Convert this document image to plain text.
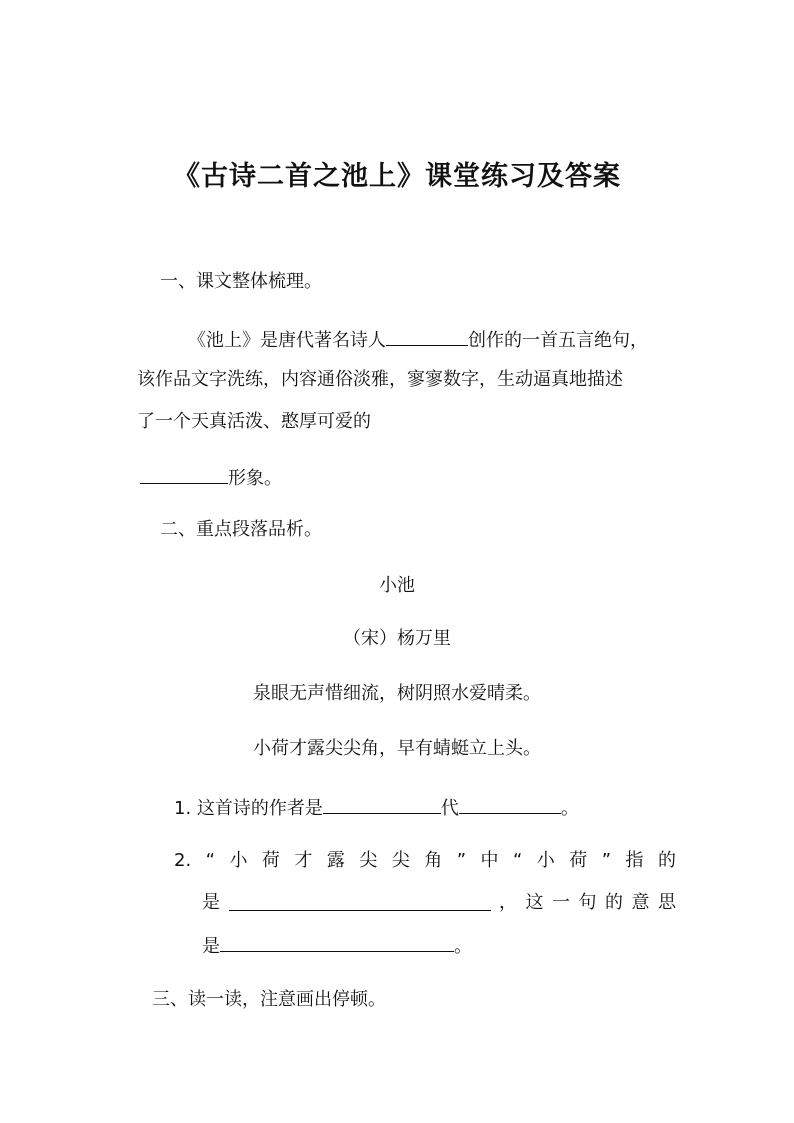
《古诗二首之池上》课堂练习及答案
一、课文整体梳理。
《池上》是唐代著名诗人	创作的一首五言绝句，
该作品文字洗练，内容通俗淡雅，寥寥数字，生动逼真地描述
了一个天真活泼、憨厚可爱的
形象。
二、重点段落品析。
小池
（宋）杨万里
泉眼无声惜细流，树阴照水爱晴柔。
小荷才露尖尖角，早有蜻蜓立上头。
1. 这首诗的作者是	代	。
2. “ 小 荷 才 露 尖 尖 角 ” 中 “ 小 荷 ” 指 的
是	， 这 一 句 的 意 思
是	。
三、读一读，注意画出停顿。
